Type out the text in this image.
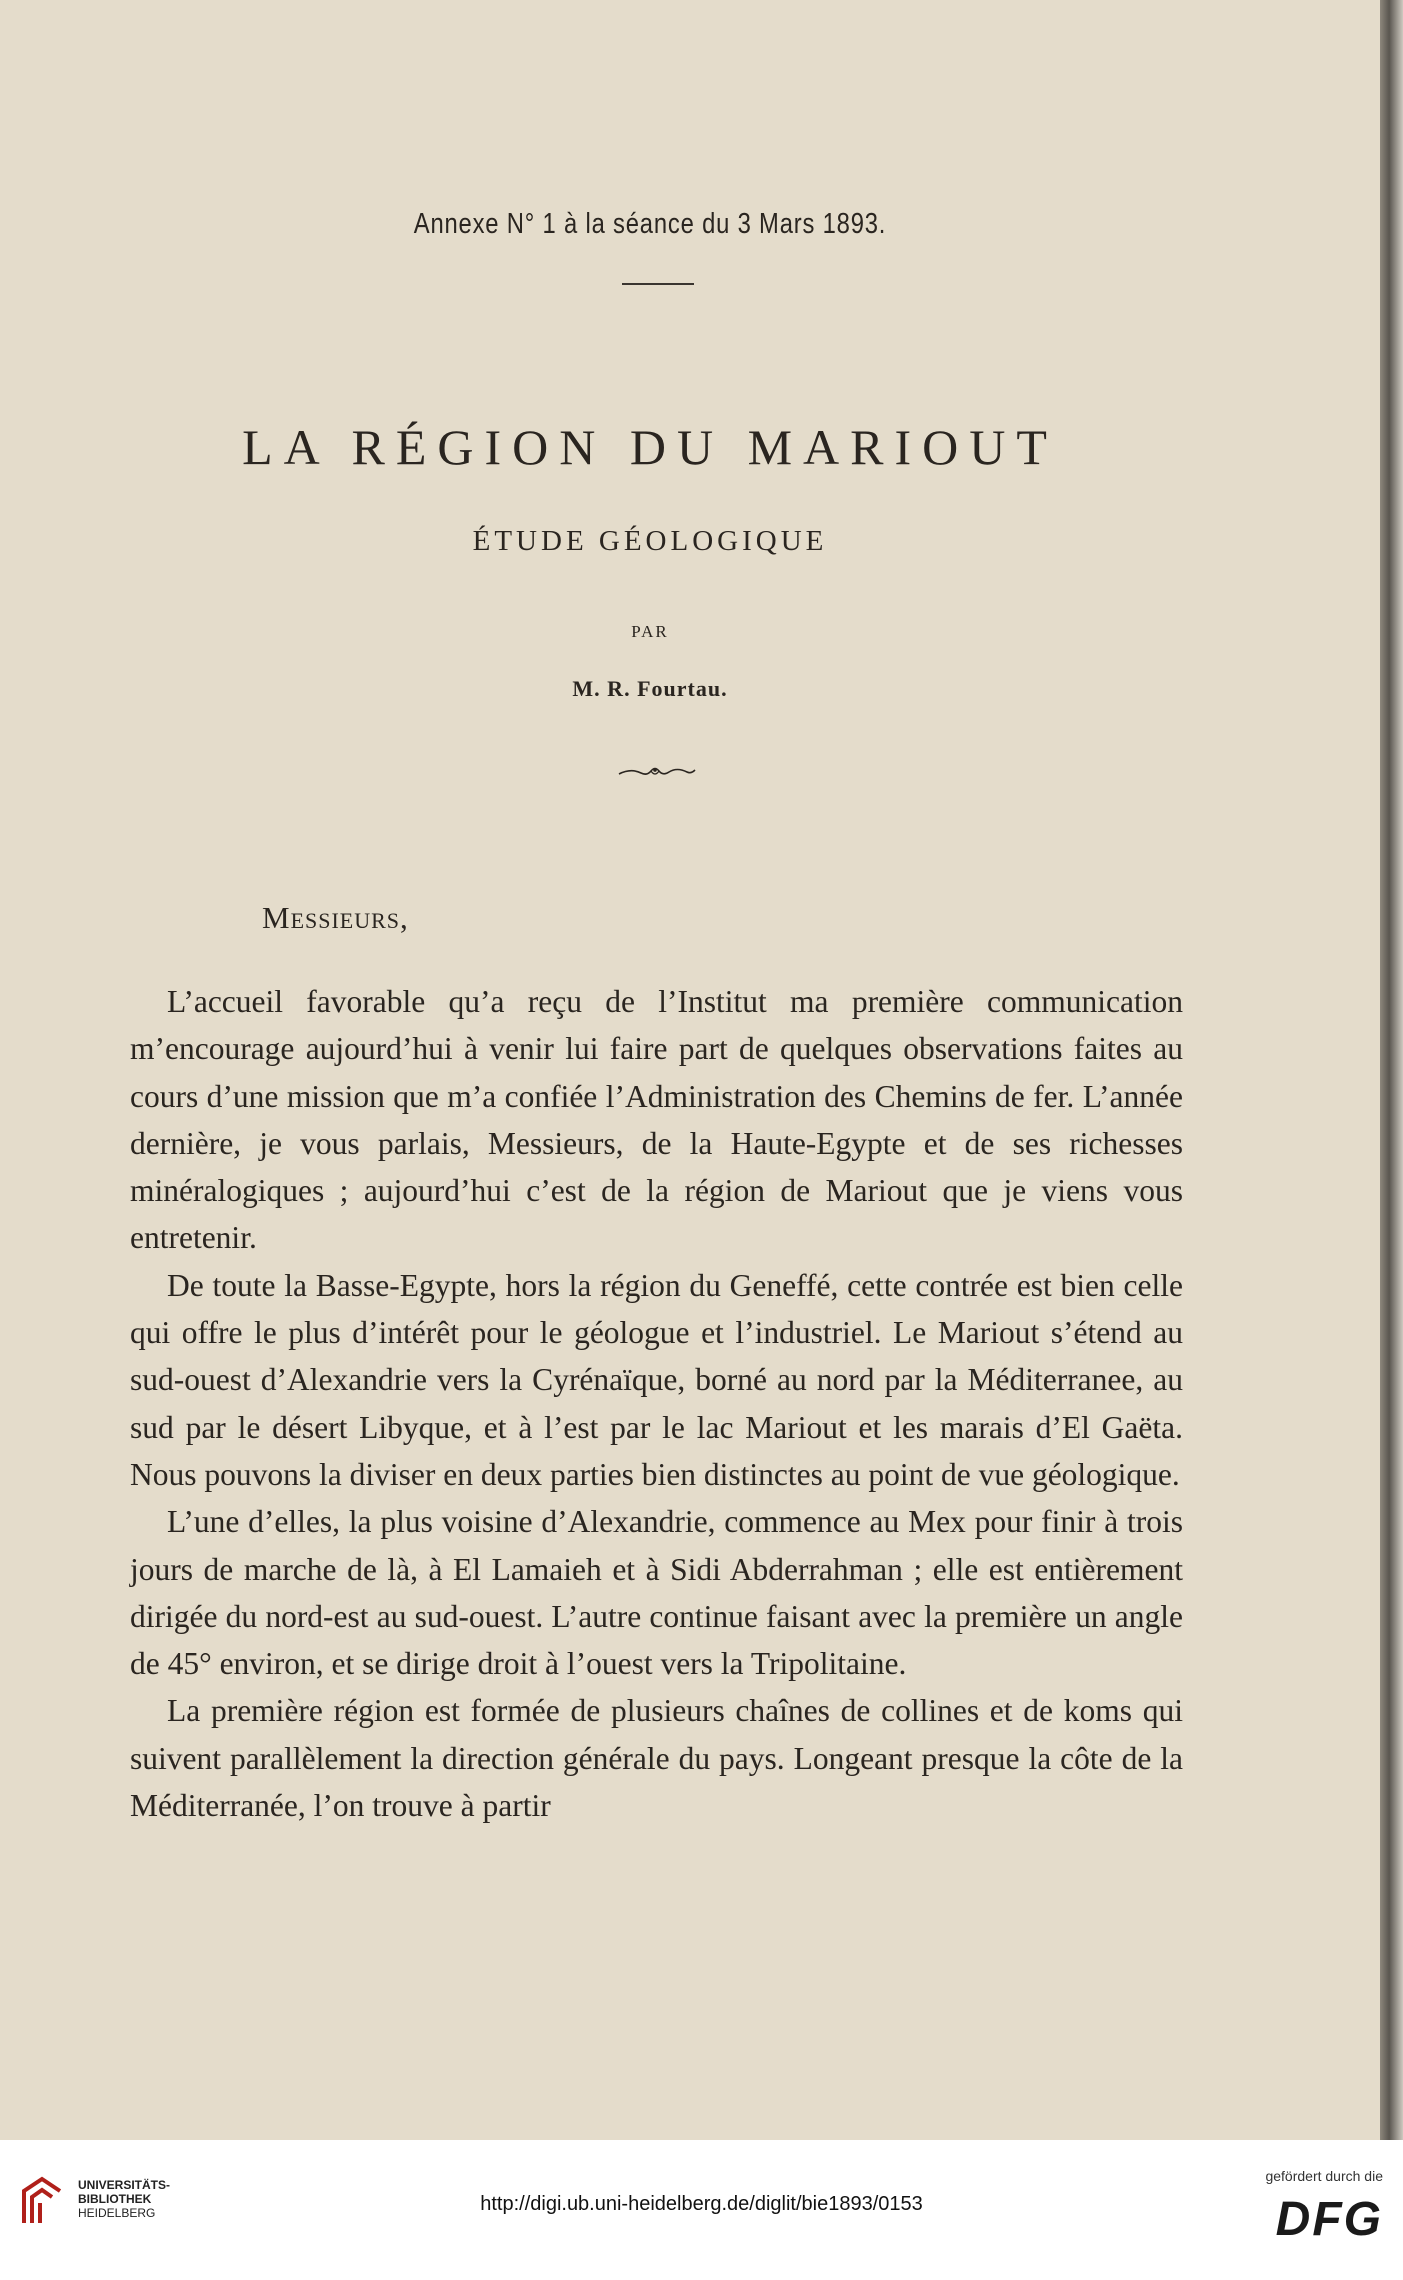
Annexe N° 1 à la séance du 3 Mars 1893.
LA RÉGION DU MARIOUT
ÉTUDE GÉOLOGIQUE
PAR
M. R. Fourtau.
Messieurs,

L’accueil favorable qu’a reçu de l’Institut ma première communication m’encourage aujourd’hui à venir lui faire part de quelques observations faites au cours d’une mission que m’a confiée l’Administration des Chemins de fer. L’année dernière, je vous parlais, Messieurs, de la Haute-Egypte et de ses richesses minéralogiques ; aujourd’hui c’est de la région de Mariout que je viens vous entretenir.

De toute la Basse-Egypte, hors la région du Geneffé, cette contrée est bien celle qui offre le plus d’intérêt pour le géologue et l’industriel. Le Mariout s’étend au sud-ouest d’Alexandrie vers la Cyrénaïque, borné au nord par la Méditerranee, au sud par le désert Libyque, et à l’est par le lac Mariout et les marais d’El Gaëta. Nous pouvons la diviser en deux parties bien distinctes au point de vue géologique.

L’une d’elles, la plus voisine d’Alexandrie, commence au Mex pour finir à trois jours de marche de là, à El Lamaieh et à Sidi Abderrahman ; elle est entièrement dirigée du nord-est au sud-ouest. L’autre continue faisant avec la première un angle de 45° environ, et se dirige droit à l’ouest vers la Tripolitaine.

La première région est formée de plusieurs chaînes de collines et de koms qui suivent parallèlement la direction générale du pays. Longeant presque la côte de la Méditerranée, l’on trouve à partir

UNIVERSITÄTS-
BIBLIOTHEK
HEIDELBERG	http://digi.ub.uni-heidelberg.de/diglit/bie1893/0153
gefördert durch die
DFG
